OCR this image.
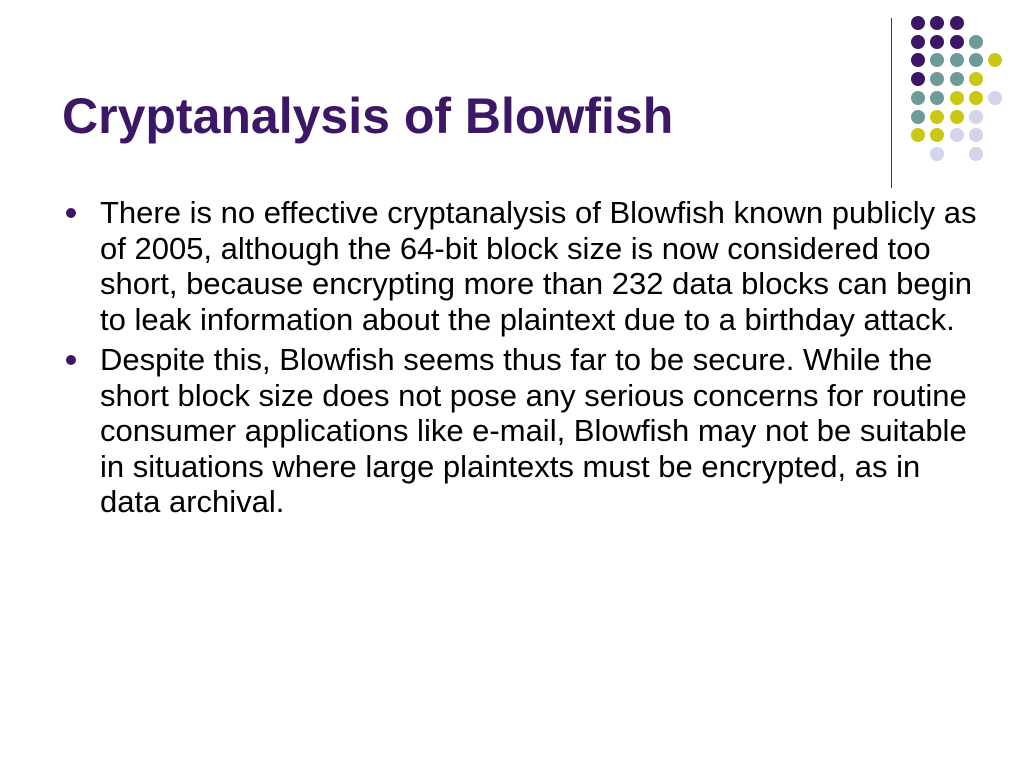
Cryptanalysis of Blowfish
There is no effective cryptanalysis of Blowfish known publicly as of 2005, although the 64-bit block size is now considered too short, because encrypting more than 232 data blocks can begin to leak information about the plaintext due to a birthday attack.
Despite this, Blowfish seems thus far to be secure. While the short block size does not pose any serious concerns for routine consumer applications like e-mail, Blowfish may not be suitable in situations where large plaintexts must be encrypted, as in data archival.
